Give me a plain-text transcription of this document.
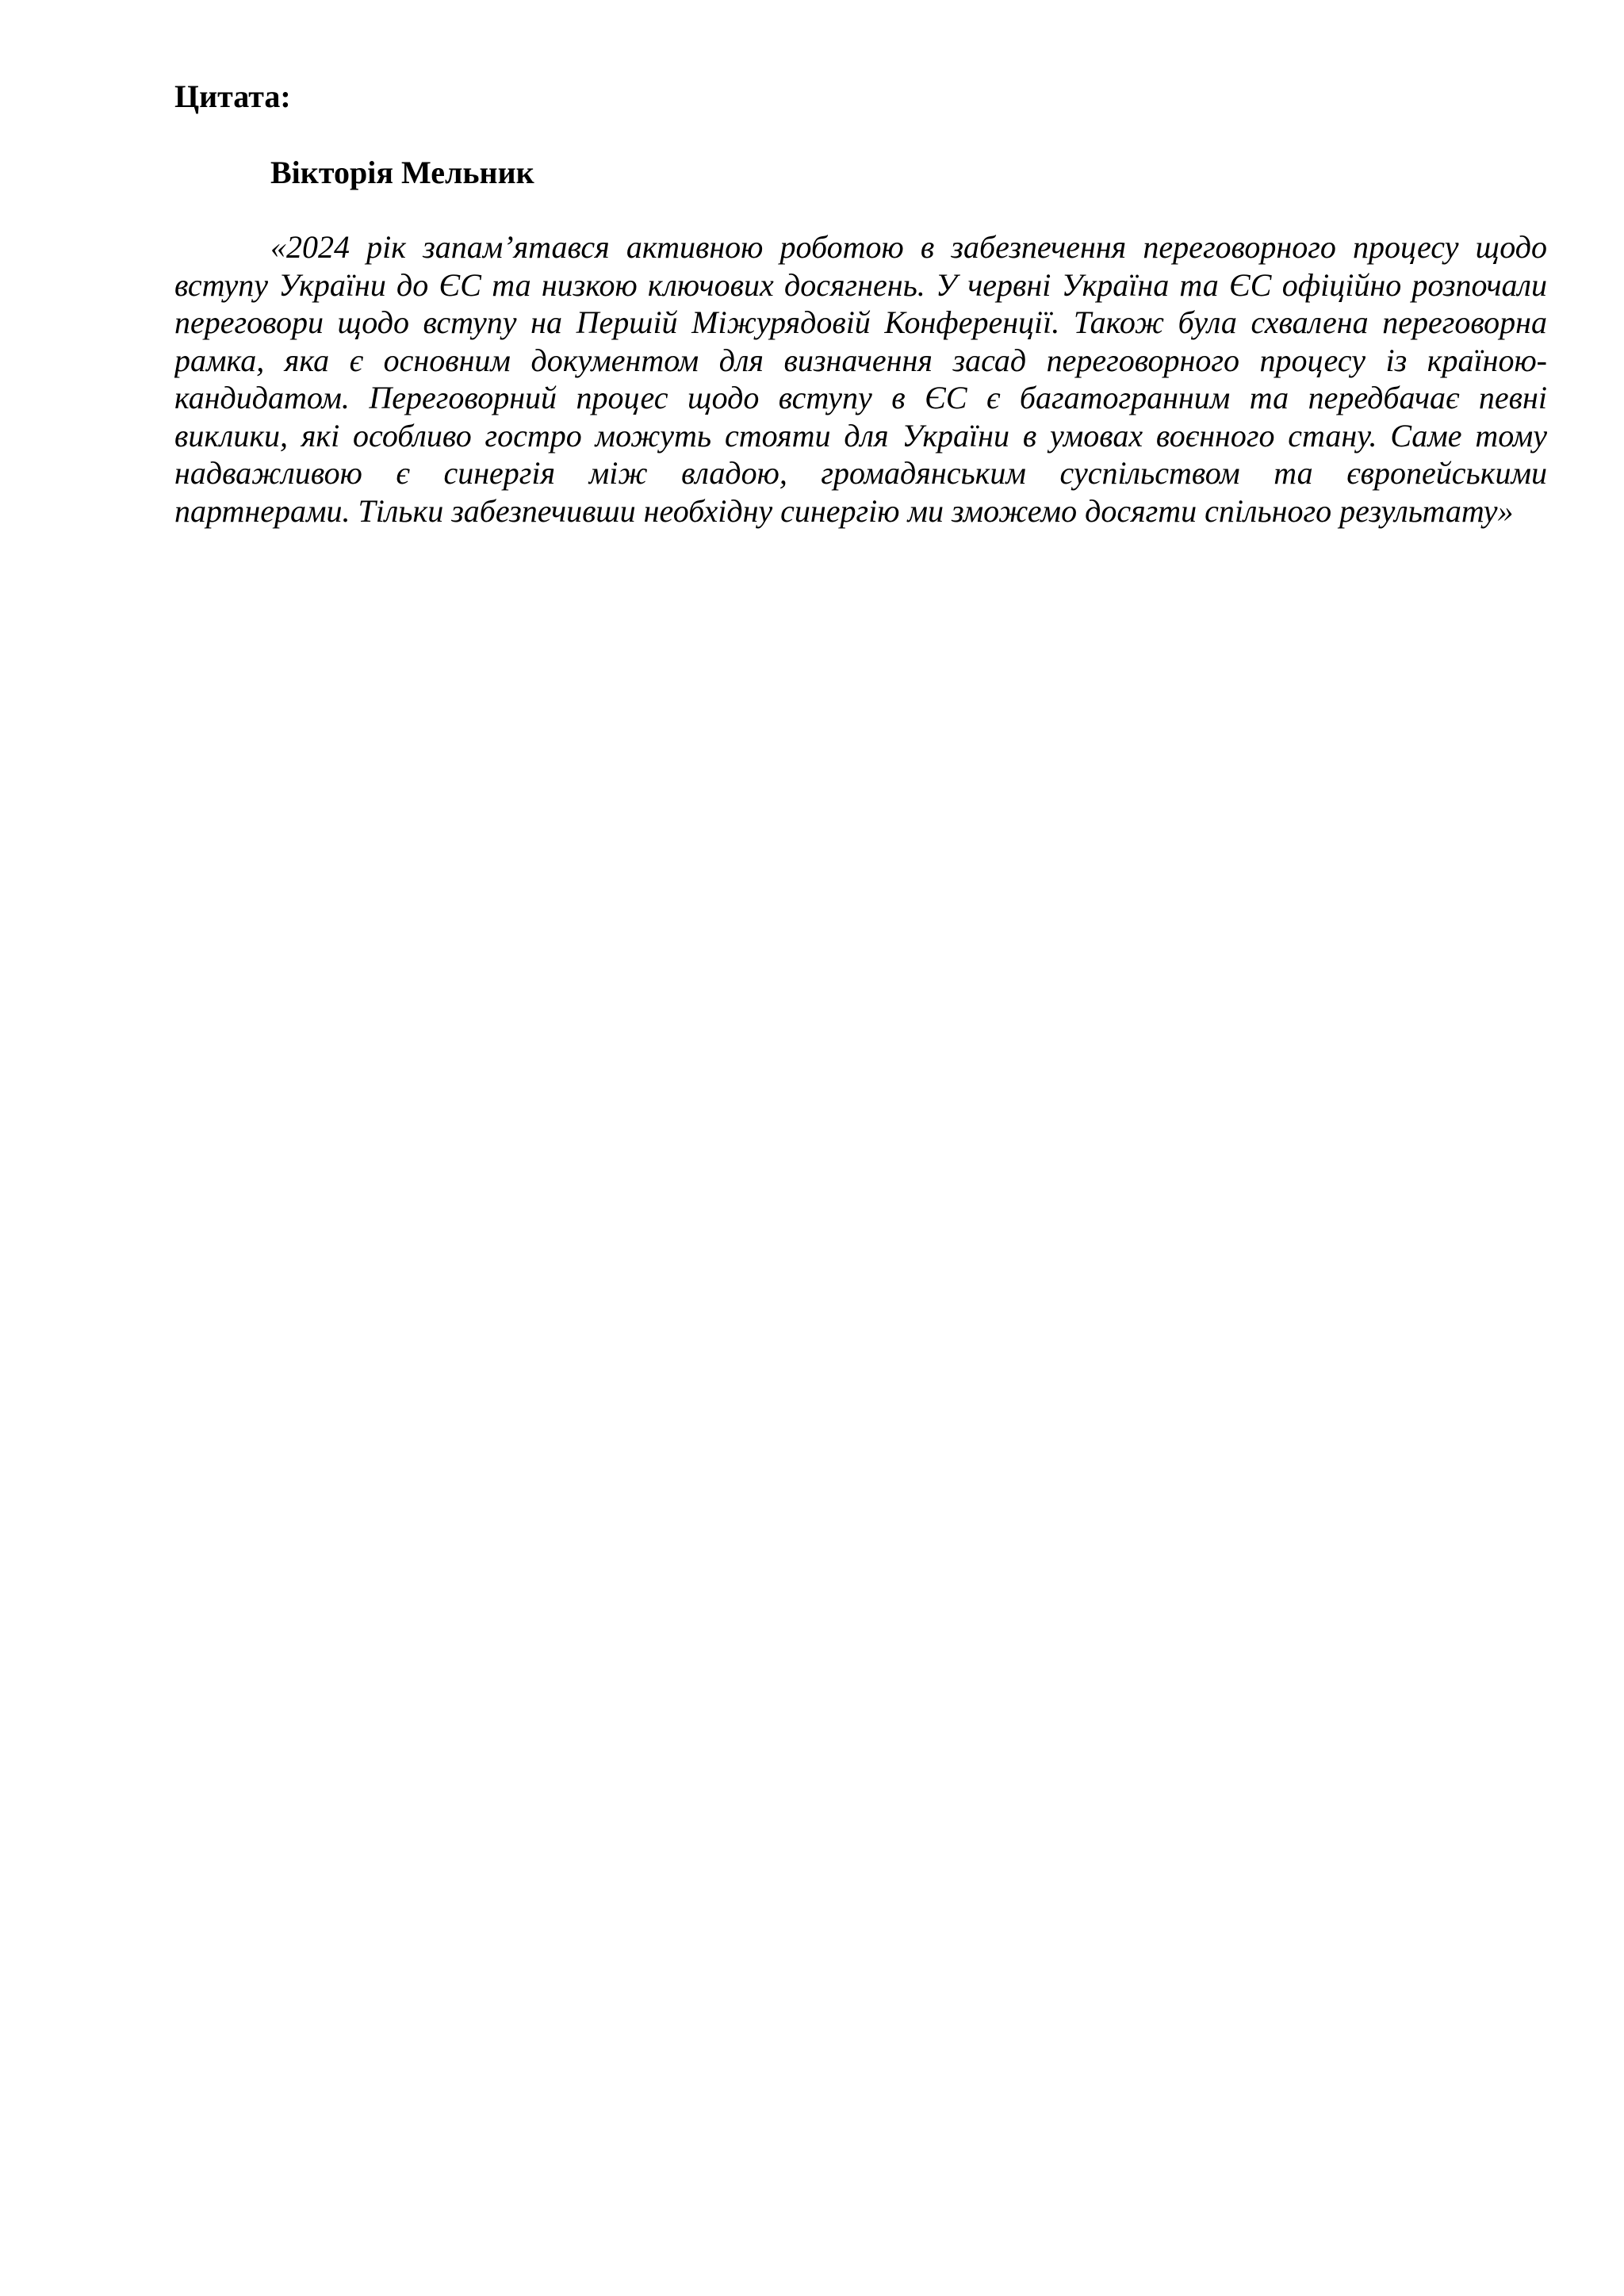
Цитата:

Вікторія Мельник

«2024 рік запам’ятався активною роботою в забезпечення переговорного процесу щодо
вступу України до ЄС та низкою ключових досягнень. У червні Україна та ЄС офіційно розпочали
переговори щодо вступу на Першій Міжурядовій Конференції. Також була схвалена переговорна
рамка, яка є основним документом для визначення засад переговорного процесу із країною-
кандидатом. Переговорний процес щодо вступу в ЄС є багатогранним та передбачає певні
виклики, які особливо гостро можуть стояти для України в умовах воєнного стану. Саме тому
надважливою є синергія між владою, громадянським суспільством та європейськими
партнерами. Тільки забезпечивши необхідну синергію ми зможемо досягти спільного результату»
